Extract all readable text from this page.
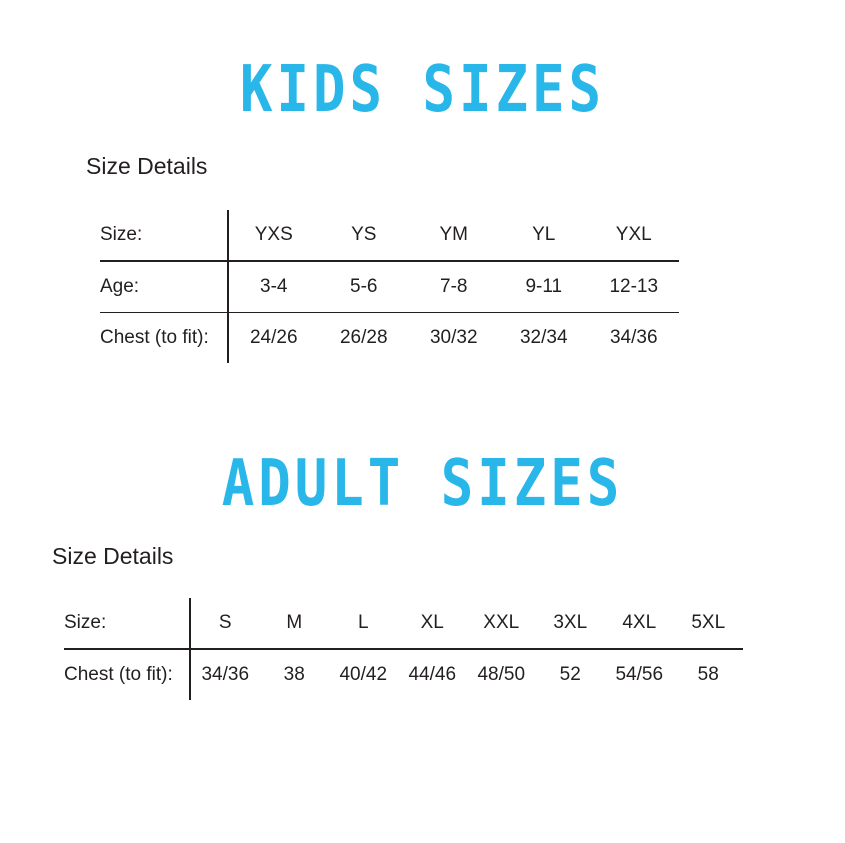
KIDS SIZES
Size Details
Size:	YXS	YS	YM	YL	YXL
Age:	3-4	5-6	7-8	9-11	12-13
Chest (to fit):	24/26	26/28	30/32	32/34	34/36
ADULT SIZES
Size Details
Size:	S	M	L	XL	XXL	3XL	4XL	5XL
Chest (to fit):	34/36	38	40/42	44/46	48/50	52	54/56	58
